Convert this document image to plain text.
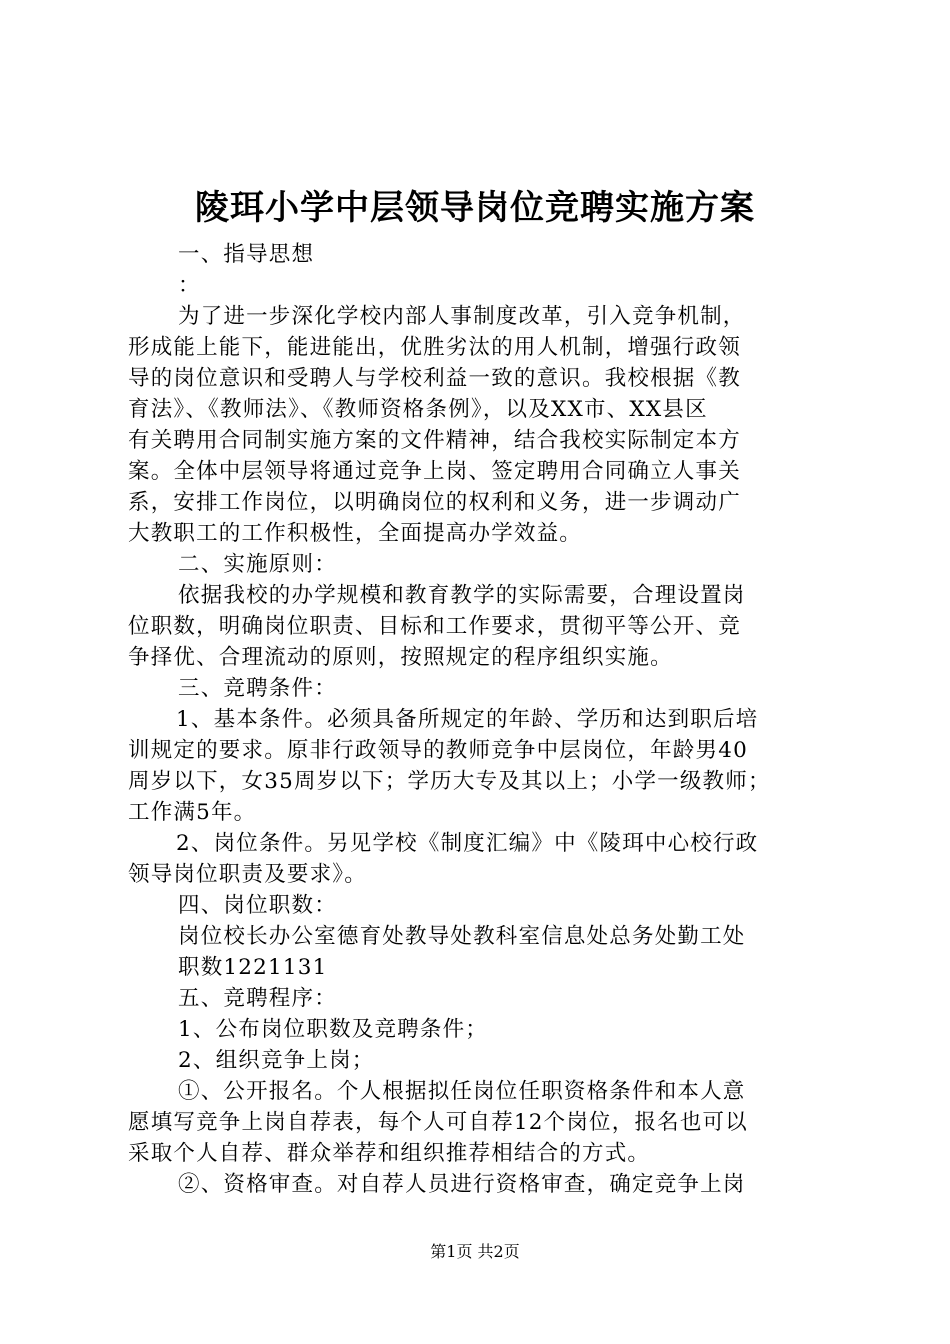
陵珥小学中层领导岗位竞聘实施方案
一、指导思想
：
为了进一步深化学校内部人事制度改革，引入竞争机制，
形成能上能下，能进能出，优胜劣汰的用人机制，增强行政领
导的岗位意识和受聘人与学校利益一致的意识。我校根据《教
育法》、《教师法》、《教师资格条例》，以及XX市、XX县区
有关聘用合同制实施方案的文件精神，结合我校实际制定本方
案。全体中层领导将通过竞争上岗、签定聘用合同确立人事关
系，安排工作岗位，以明确岗位的权利和义务，进一步调动广
大教职工的工作积极性，全面提高办学效益。
二、实施原则：
依据我校的办学规模和教育教学的实际需要，合理设置岗
位职数，明确岗位职责、目标和工作要求，贯彻平等公开、竞
争择优、合理流动的原则，按照规定的程序组织实施。
三、竞聘条件：
1、基本条件。必须具备所规定的年龄、学历和达到职后培
训规定的要求。原非行政领导的教师竞争中层岗位，年龄男40
周岁以下，女35周岁以下；学历大专及其以上；小学一级教师；
工作满5年。
2、岗位条件。另见学校《制度汇编》中《陵珥中心校行政
领导岗位职责及要求》。
四、岗位职数：
岗位校长办公室德育处教导处教科室信息处总务处勤工处
职数1221131
五、竞聘程序：
1、公布岗位职数及竞聘条件；
2、组织竞争上岗；
①、公开报名。个人根据拟任岗位任职资格条件和本人意
愿填写竞争上岗自荐表，每个人可自荐12个岗位，报名也可以
采取个人自荐、群众举荐和组织推荐相结合的方式。
②、资格审查。对自荐人员进行资格审查，确定竞争上岗
第1页 共2页
